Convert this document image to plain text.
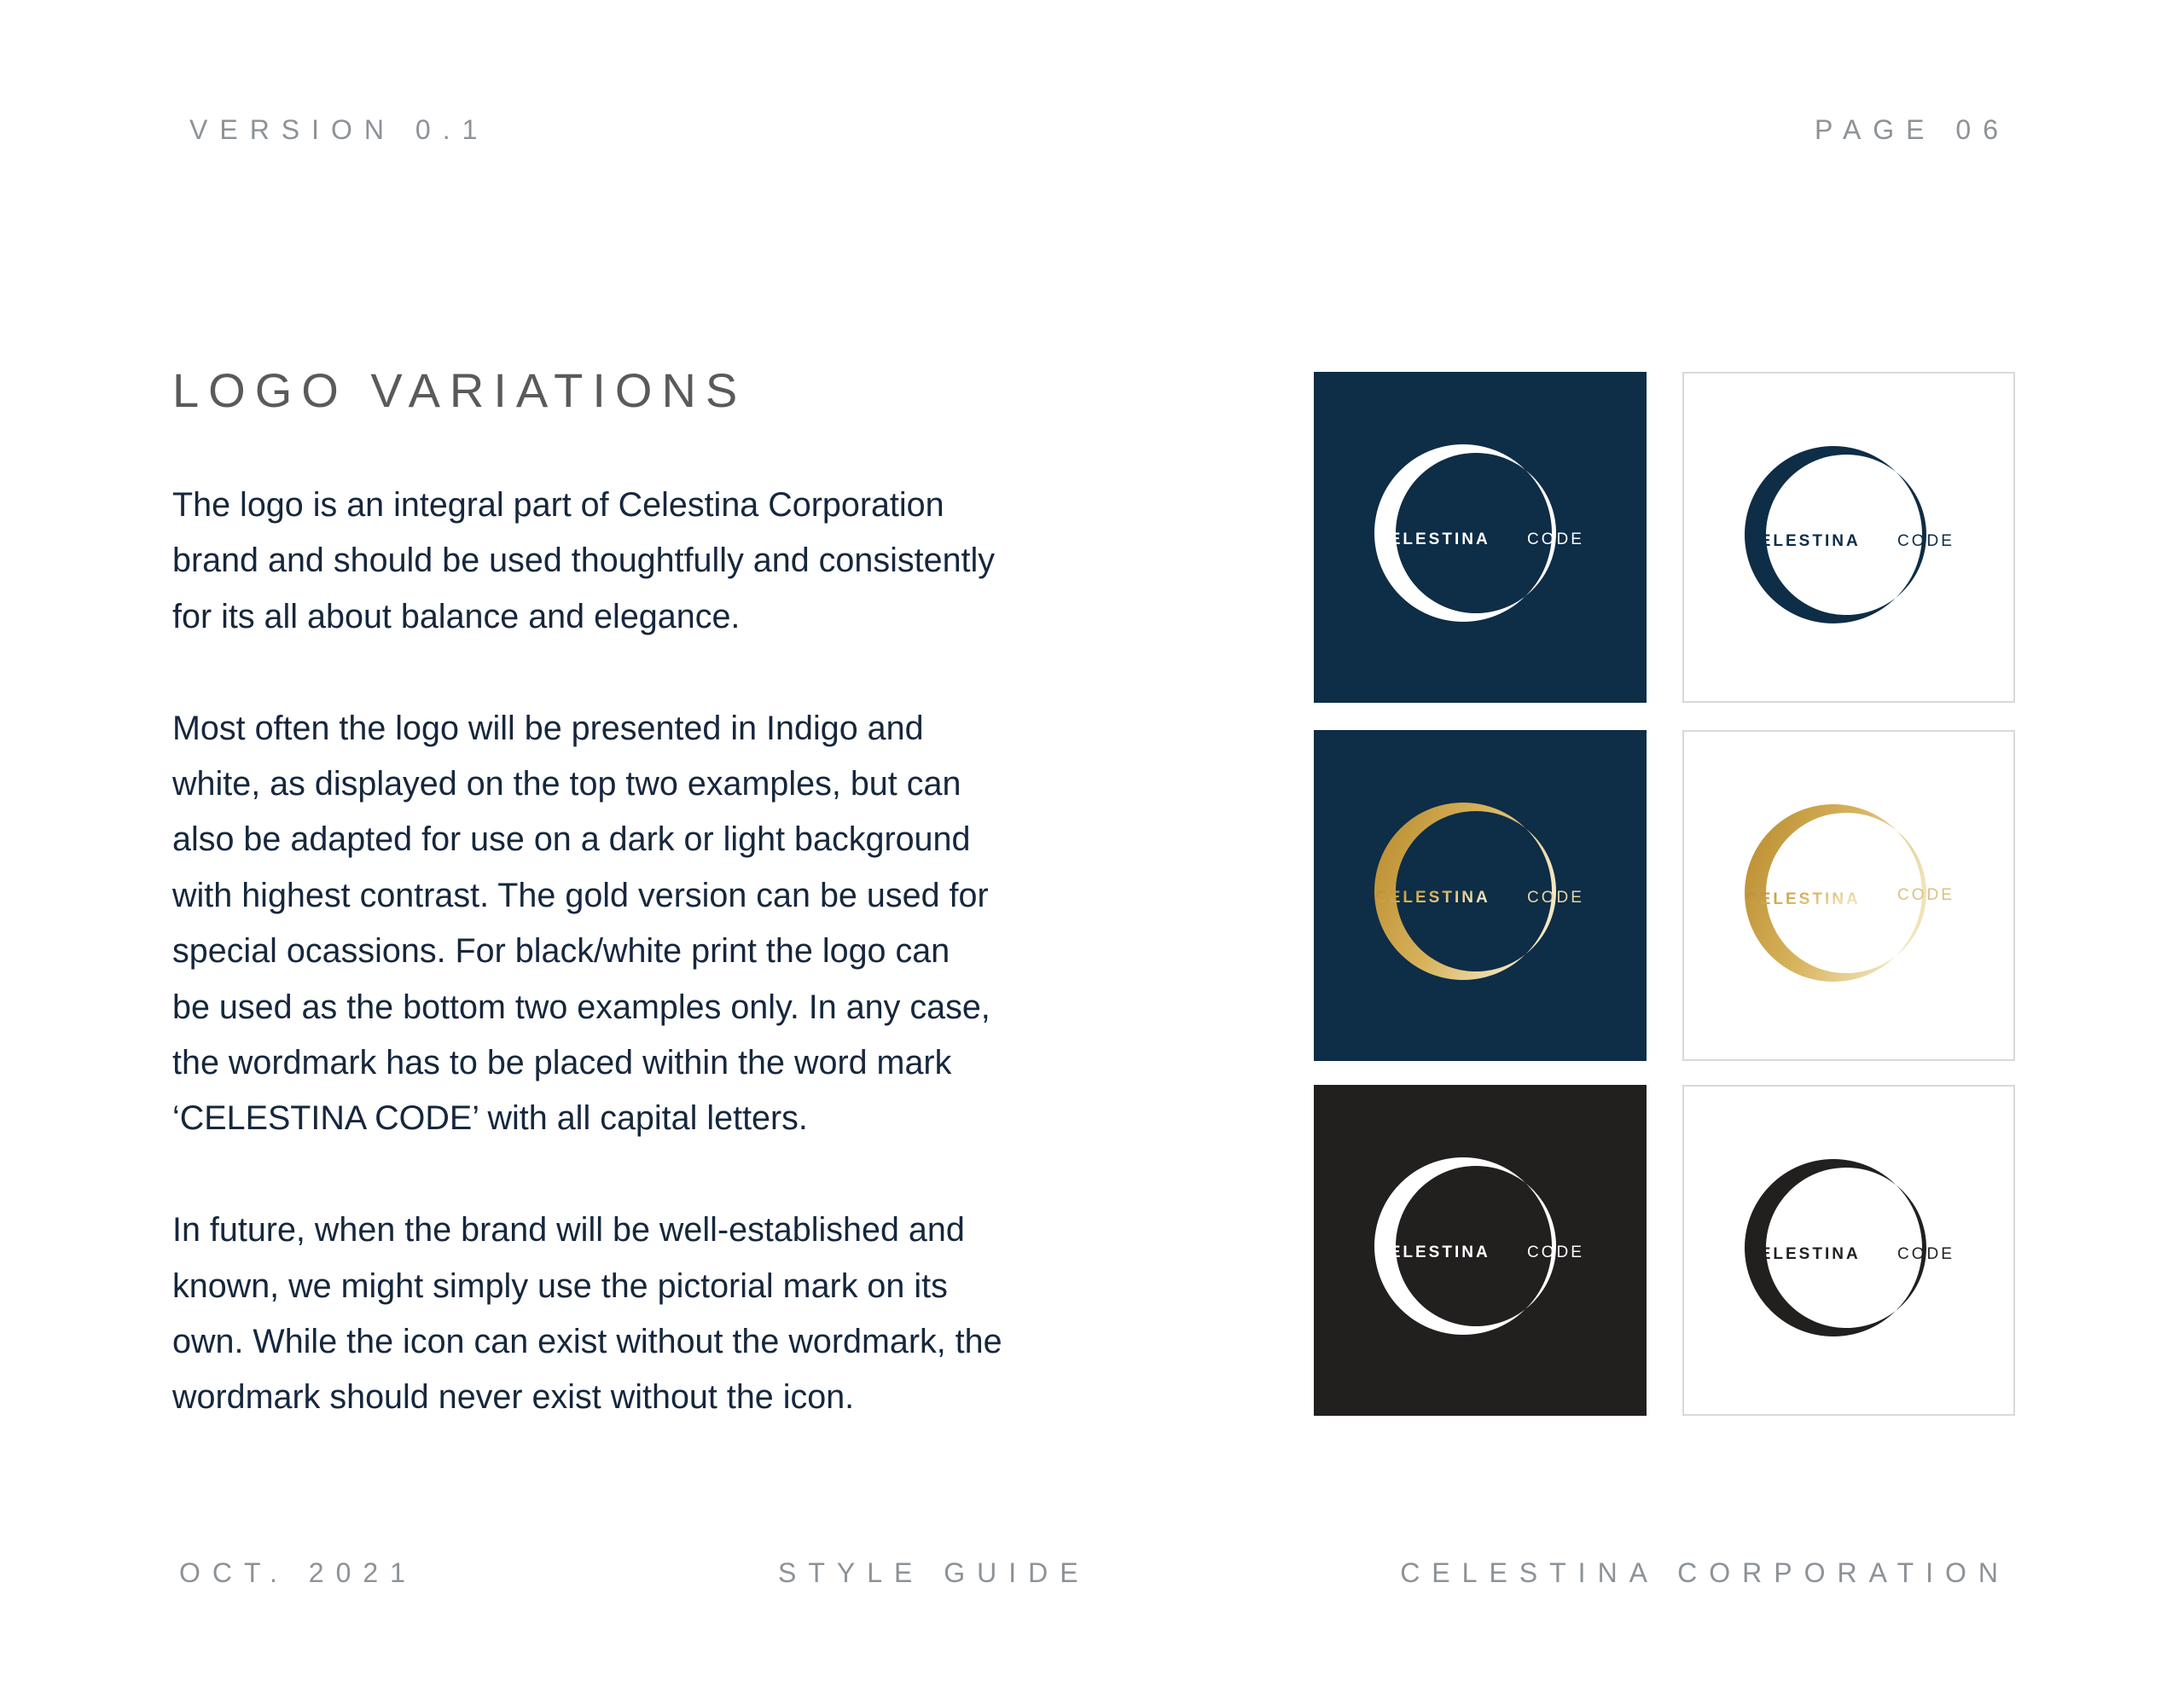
VERSION 0.1	PAGE 06
LOGO VARIATIONS

The logo is an integral part of Celestina Corporation
brand and should be used thoughtfully and consistently
for its all about balance and elegance.

Most often the logo will be presented in Indigo and
white, as displayed on the top two examples, but can
also be adapted for use on a dark or light background
with highest contrast. The gold version can be used for
special ocassions. For black/white print the logo can
be used as the bottom two examples only. In any case,
the wordmark has to be placed within the word mark
‘CELESTINA CODE’ with all capital letters.

In future, when the brand will be well-established and
known, we might simply use the pictorial mark on its
own. While the icon can exist without the wordmark, the
wordmark should never exist without the icon.

CELESTINA CODE	CELESTINA CODE
CELESTINA CODE	CELESTINA CODE
CELESTINA CODE	CELESTINA CODE
OCT. 2021	STYLE GUIDE	CELESTINA CORPORATION
